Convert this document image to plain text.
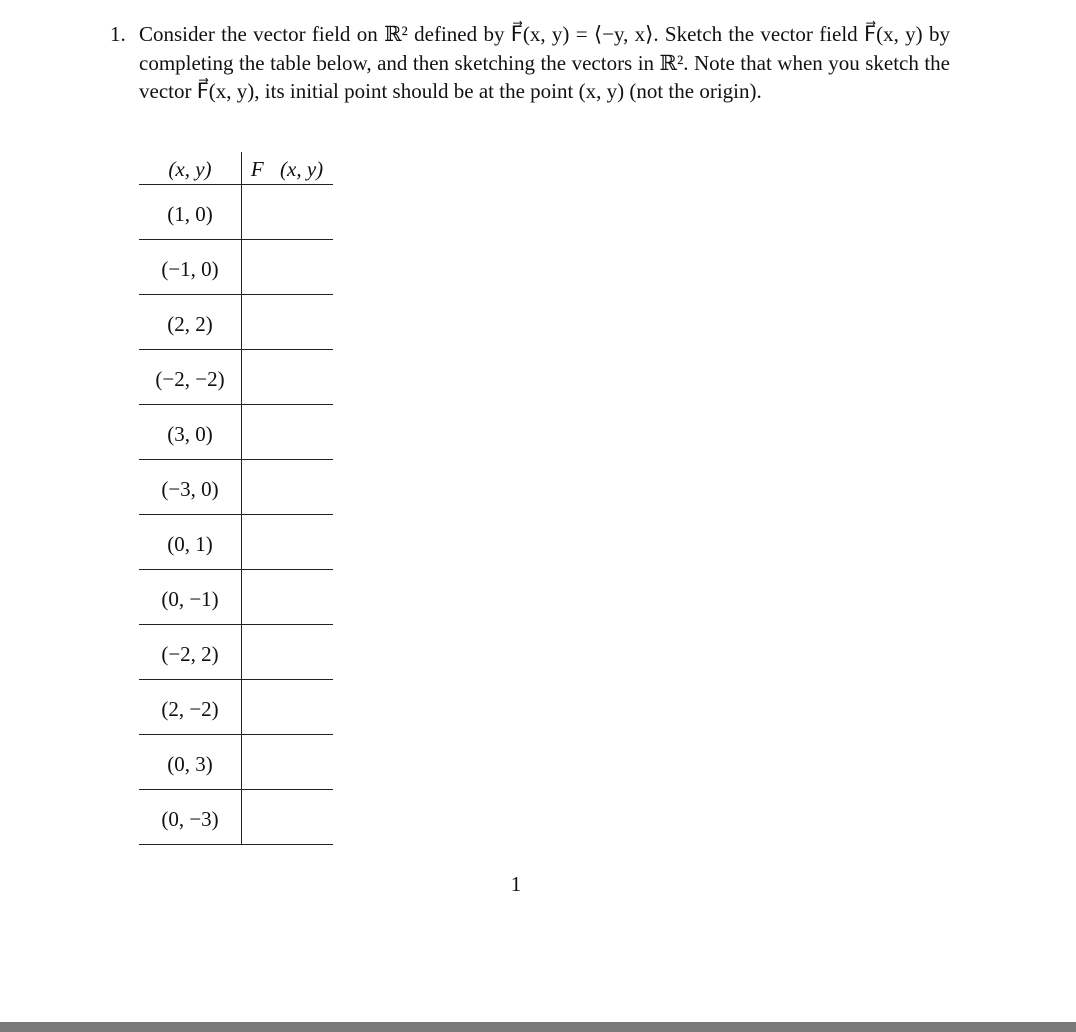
1. Consider the vector field on ℝ² defined by F⃗(x, y) = ⟨−y, x⟩. Sketch the vector field F⃗(x, y) by completing the table below, and then sketching the vectors in ℝ². Note that when you sketch the vector F⃗(x, y), its initial point should be at the point (x, y) (not the origin).
(x, y)	F⃗(x, y)
(1, 0)
(−1, 0)
(2, 2)
(−2, −2)
(3, 0)
(−3, 0)
(0, 1)
(0, −1)
(−2, 2)
(2, −2)
(0, 3)
(0, −3)
1
